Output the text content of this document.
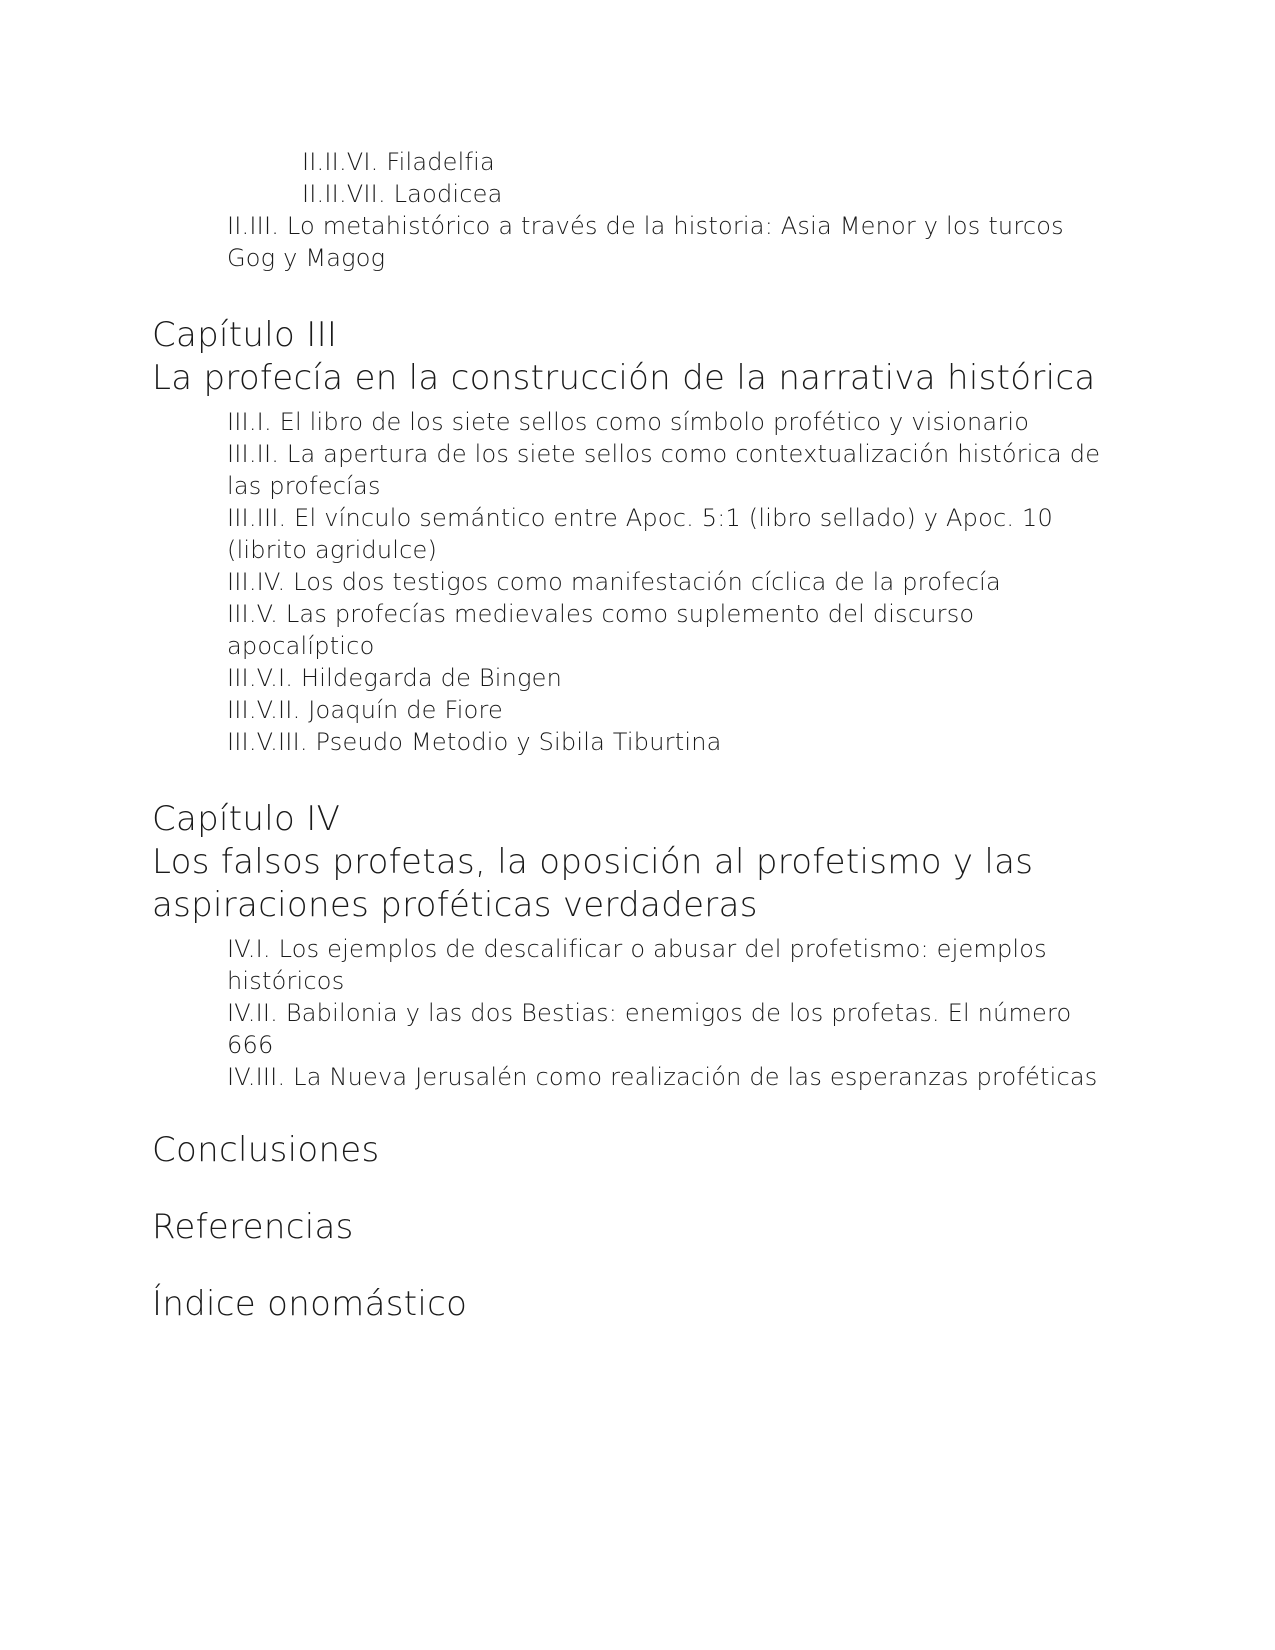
II.II.VI. Filadelfia
II.II.VII. Laodicea
II.III. Lo metahistórico a través de la historia: Asia Menor y los turcos Gog y Magog
Capítulo III
La profecía en la construcción de la narrativa histórica
III.I. El libro de los siete sellos como símbolo profético y visionario
III.II. La apertura de los siete sellos como contextualización histórica de las profecías
III.III. El vínculo semántico entre Apoc. 5:1 (libro sellado) y Apoc. 10 (librito agridulce)
III.IV. Los dos testigos como manifestación cíclica de la profecía
III.V. Las profecías medievales como suplemento del discurso apocalíptico
III.V.I. Hildegarda de Bingen
III.V.II. Joaquín de Fiore
III.V.III. Pseudo Metodio y Sibila Tiburtina
Capítulo IV
Los falsos profetas, la oposición al profetismo y las aspiraciones proféticas verdaderas
IV.I. Los ejemplos de descalificar o abusar del profetismo: ejemplos históricos
IV.II. Babilonia y las dos Bestias: enemigos de los profetas. El número 666
IV.III. La Nueva Jerusalén como realización de las esperanzas proféticas
Conclusiones
Referencias
Índice onomástico
